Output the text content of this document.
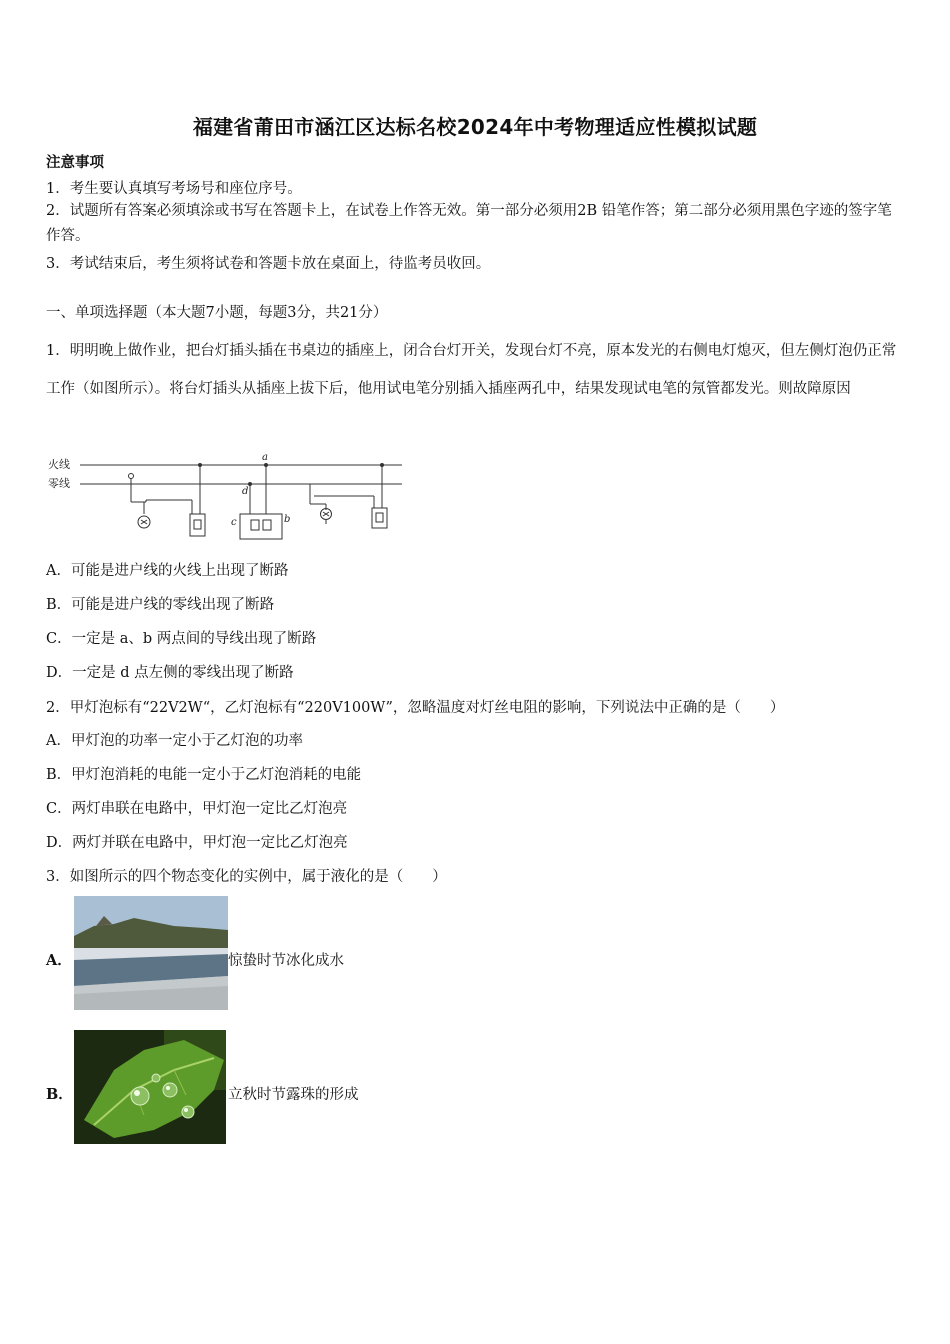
福建省莆田市涵江区达标名校2024年中考物理适应性模拟试题
注意事项
1．考生要认真填写考场号和座位序号。
2．试题所有答案必须填涂或书写在答题卡上，在试卷上作答无效。第一部分必须用2B 铅笔作答；第二部分必须用黑色字迹的签字笔作答。
3．考试结束后，考生须将试卷和答题卡放在桌面上，待监考员收回。
一、单项选择题（本大题7小题，每题3分，共21分）
1．明明晚上做作业，把台灯插头插在书桌边的插座上，闭合台灯开关，发现台灯不亮，原本发光的右侧电灯熄灭，但左侧灯泡仍正常工作（如图所示）。将台灯插头从插座上拔下后，他用试电笔分别插入插座两孔中，结果发现试电笔的氖管都发光。则故障原因
火线
零线
a
d
c	b
A．可能是进户线的火线上出现了断路
B．可能是进户线的零线出现了断路
C．一定是 a、b 两点间的导线出现了断路
D．一定是 d 点左侧的零线出现了断路
2．甲灯泡标有“22V2W“，乙灯泡标有“220V100W”，忽略温度对灯丝电阻的影响，下列说法中正确的是（　　）
A．甲灯泡的功率一定小于乙灯泡的功率
B．甲灯泡消耗的电能一定小于乙灯泡消耗的电能
C．两灯串联在电路中，甲灯泡一定比乙灯泡亮
D．两灯并联在电路中，甲灯泡一定比乙灯泡亮
3．如图所示的四个物态变化的实例中，属于液化的是（　　）
A．	惊蛰时节冰化成水
B．	立秋时节露珠的形成
